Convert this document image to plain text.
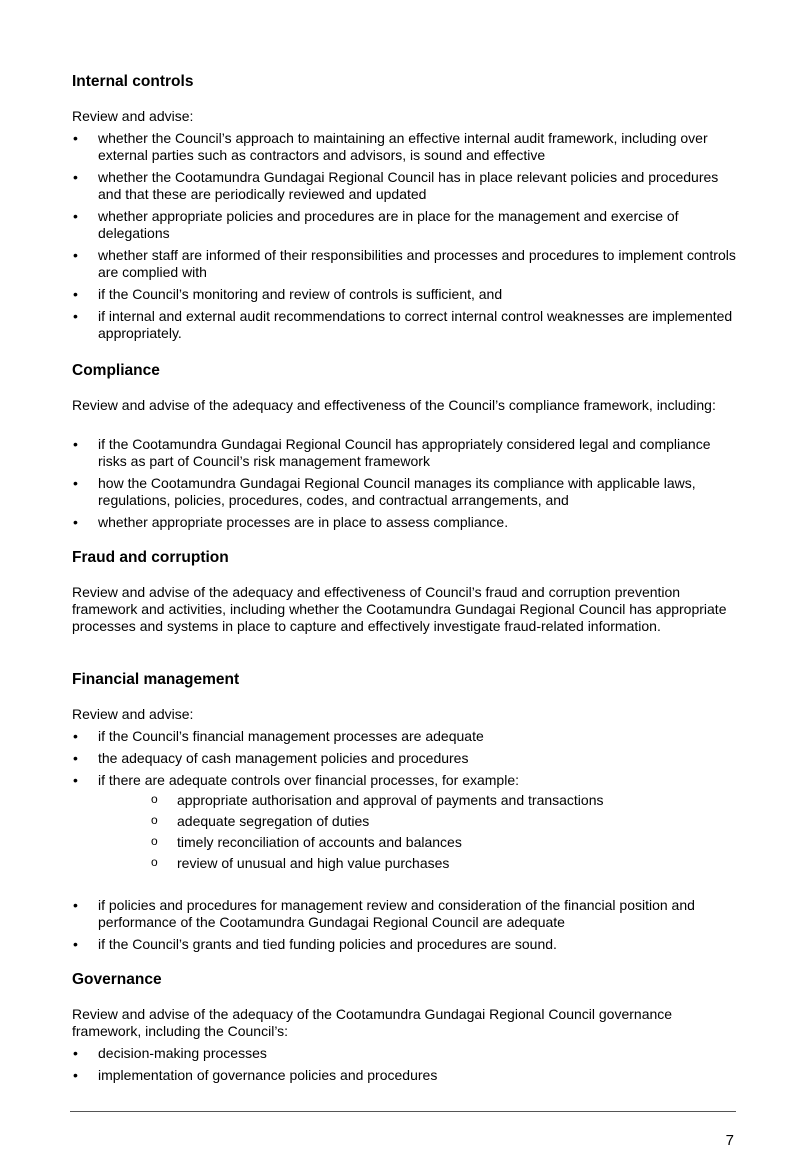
Internal controls

Review and advise:

• whether the Council’s approach to maintaining an effective internal audit framework, including over external parties such as contractors and advisors, is sound and effective
• whether the Cootamundra Gundagai Regional Council has in place relevant policies and procedures and that these are periodically reviewed and updated
• whether appropriate policies and procedures are in place for the management and exercise of delegations
• whether staff are informed of their responsibilities and processes and procedures to implement controls are complied with
• if the Council’s monitoring and review of controls is sufficient, and
• if internal and external audit recommendations to correct internal control weaknesses are implemented appropriately.
Compliance

Review and advise of the adequacy and effectiveness of the Council’s compliance framework, including:

• if the Cootamundra Gundagai Regional Council has appropriately considered legal and compliance risks as part of Council’s risk management framework
• how the Cootamundra Gundagai Regional Council manages its compliance with applicable laws, regulations, policies, procedures, codes, and contractual arrangements, and
• whether appropriate processes are in place to assess compliance.
Fraud and corruption

Review and advise of the adequacy and effectiveness of Council’s fraud and corruption prevention framework and activities, including whether the Cootamundra Gundagai Regional Council has appropriate processes and systems in place to capture and effectively investigate fraud-related information.

Financial management

Review and advise:

• if the Council’s financial management processes are adequate
• the adequacy of cash management policies and procedures
• if there are adequate controls over financial processes, for example:
o appropriate authorisation and approval of payments and transactions
o adequate segregation of duties
o timely reconciliation of accounts and balances
o review of unusual and high value purchases
• if policies and procedures for management review and consideration of the financial position and performance of the Cootamundra Gundagai Regional Council are adequate
• if the Council’s grants and tied funding policies and procedures are sound.
Governance

Review and advise of the adequacy of the Cootamundra Gundagai Regional Council governance framework, including the Council’s:

• decision-making processes
• implementation of governance policies and procedures
7
